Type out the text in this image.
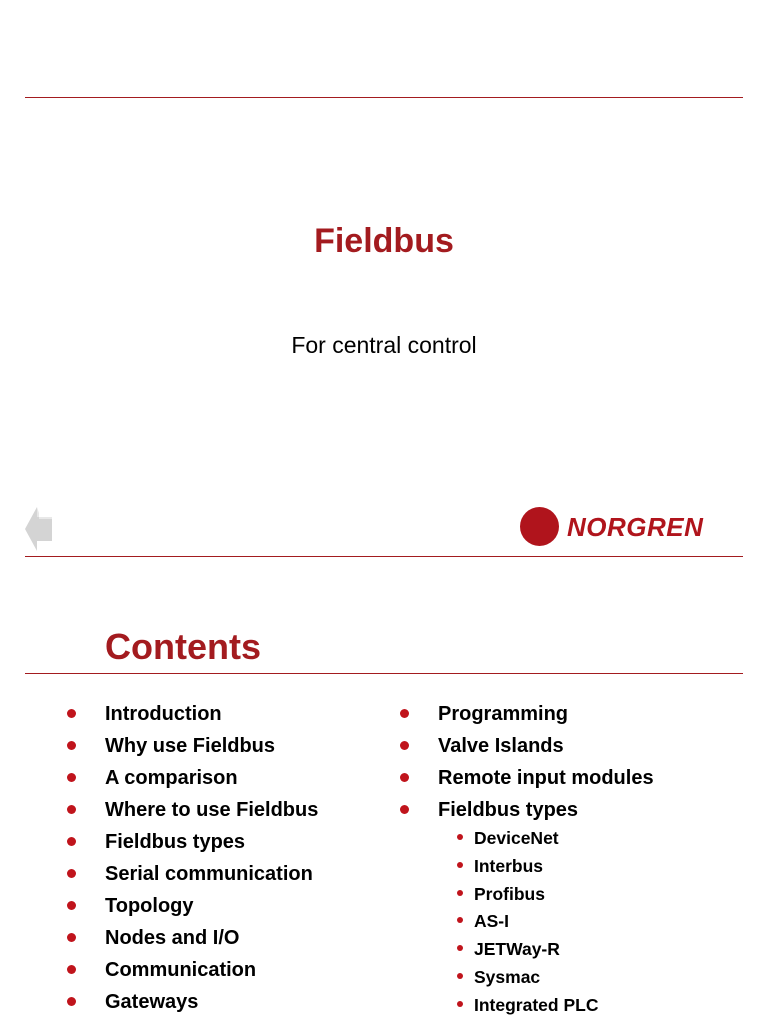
Fieldbus
For central control
NORGREN
Contents
Introduction
Why use Fieldbus
A comparison
Where to use Fieldbus
Fieldbus types
Serial communication
Topology
Nodes and I/O
Communication
Gateways
Programming
Valve Islands
Remote input modules
Fieldbus types
DeviceNet
Interbus
Profibus
AS-I
JETWay-R
Sysmac
Integrated PLC
